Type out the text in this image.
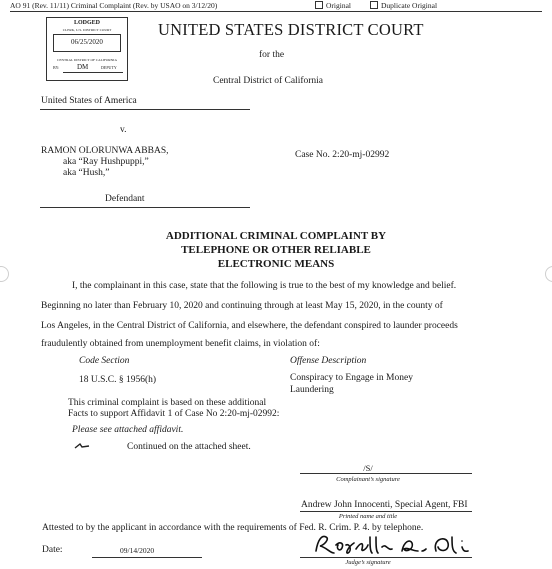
AO 91 (Rev. 11/11) Criminal Complaint (Rev. by USAO on 3/12/20)	Original	Duplicate Original
LODGED
CLERK, U.S. DISTRICT COURT
06/25/2020
CENTRAL DISTRICT OF CALIFORNIA
BY:	DM	DEPUTY
UNITED STATES DISTRICT COURT
for the
Central District of California
United States of America
v.
RAMON OLORUNWA ABBAS,
aka “Ray Hushpuppi,”
aka “Hush,”
Defendant
Case No. 2:20-mj-02992
ADDITIONAL CRIMINAL COMPLAINT BY
TELEPHONE OR OTHER RELIABLE
ELECTRONIC MEANS
I, the complainant in this case, state that the following is true to the best of my knowledge and belief.
Beginning no later than February 10, 2020 and continuing through at least May 15, 2020, in the county of
Los Angeles, in the Central District of California, and elsewhere, the defendant conspired to launder proceeds
fraudulently obtained from unemployment benefit claims, in violation of:
Code Section	Offense Description
18 U.S.C. § 1956(h)	Conspiracy to Engage in Money
Laundering
This criminal complaint is based on these additional
Facts to support Affidavit 1 of Case No 2:20-mj-02992:
Please see attached affidavit.
Continued on the attached sheet.
/S/
Complainant’s signature
Andrew John Innocenti, Special Agent, FBI
Printed name and title
Attested to by the applicant in accordance with the requirements of Fed. R. Crim. P. 4. by telephone.
Date:	09/14/2020
Judge’s signature
